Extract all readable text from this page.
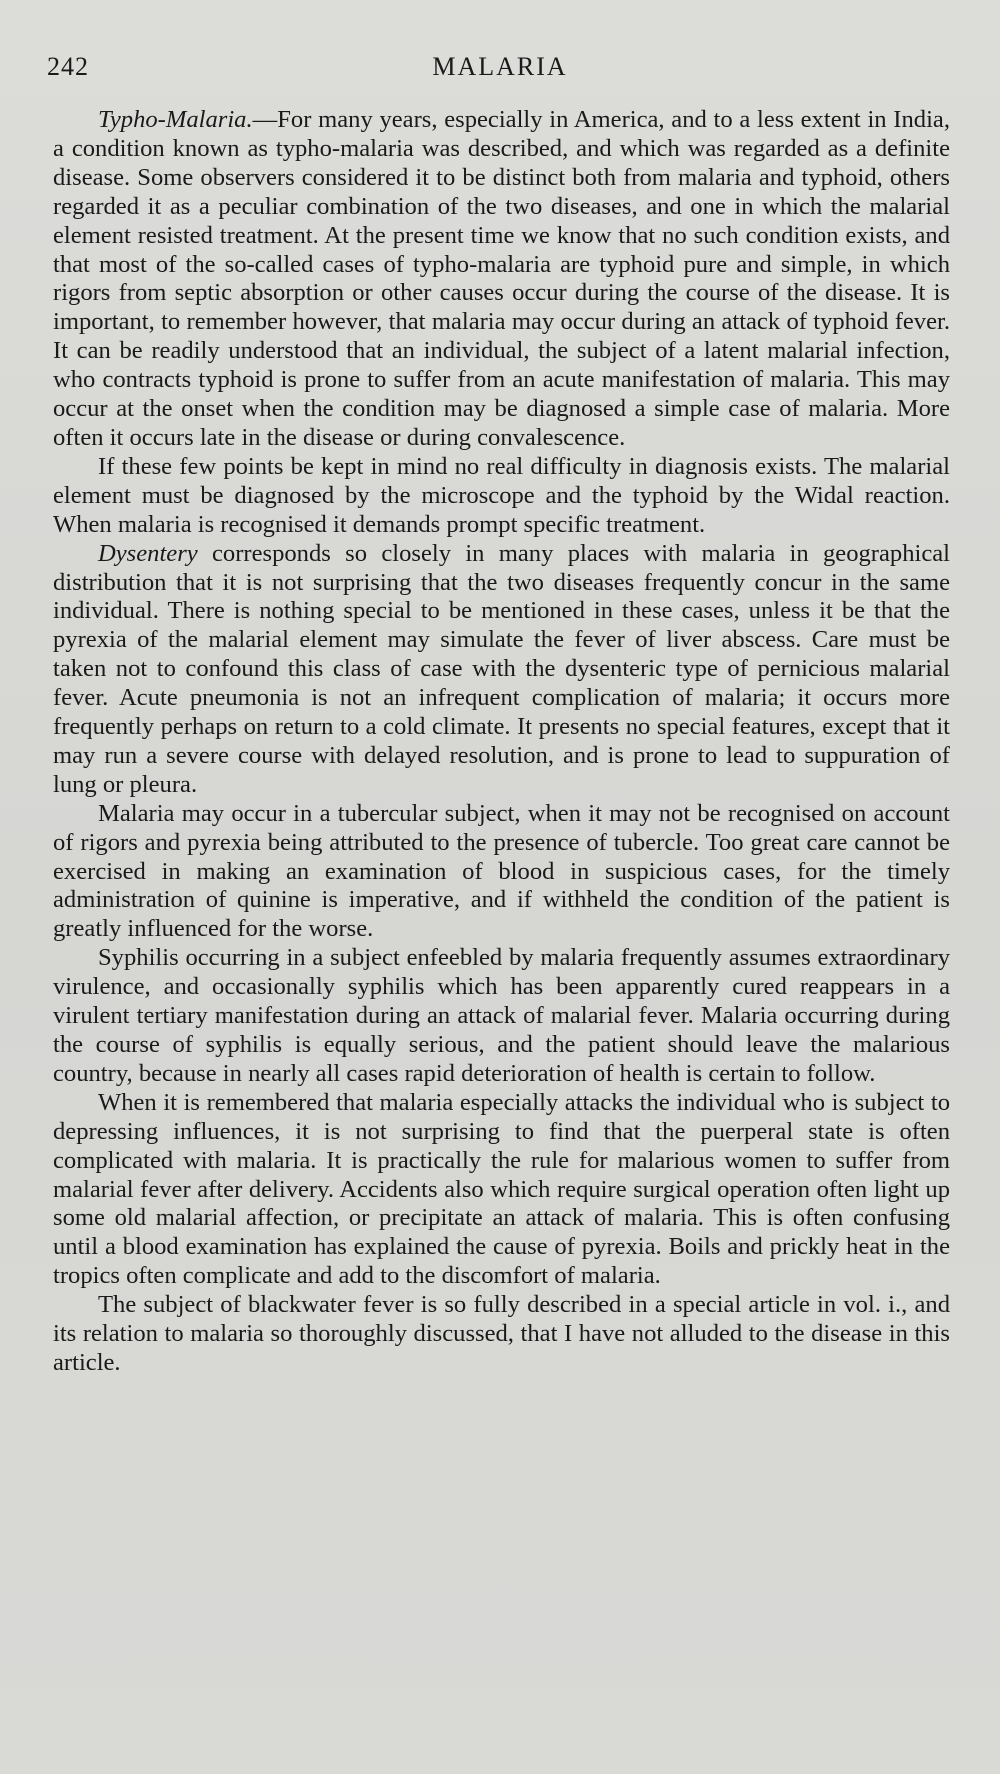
242	MALARIA

Typho-Malaria.—For many years, especially in America, and to a less extent in India, a condition known as typho-malaria was described, and which was regarded as a definite disease. Some observers considered it to be distinct both from malaria and typhoid, others regarded it as a peculiar combination of the two diseases, and one in which the malarial element resisted treatment. At the present time we know that no such condition exists, and that most of the so-called cases of typho-malaria are typhoid pure and simple, in which rigors from septic absorption or other causes occur during the course of the disease. It is important, to remember however, that malaria may occur during an attack of typhoid fever. It can be readily understood that an individual, the subject of a latent malarial infection, who contracts typhoid is prone to suffer from an acute manifestation of malaria. This may occur at the onset when the condition may be diagnosed a simple case of malaria. More often it occurs late in the disease or during convalescence.

If these few points be kept in mind no real difficulty in diagnosis exists. The malarial element must be diagnosed by the microscope and the typhoid by the Widal reaction. When malaria is recognised it demands prompt specific treatment.

Dysentery corresponds so closely in many places with malaria in geographical distribution that it is not surprising that the two diseases frequently concur in the same individual. There is nothing special to be mentioned in these cases, unless it be that the pyrexia of the malarial element may simulate the fever of liver abscess. Care must be taken not to confound this class of case with the dysenteric type of pernicious malarial fever. Acute pneumonia is not an infrequent complication of malaria; it occurs more frequently perhaps on return to a cold climate. It presents no special features, except that it may run a severe course with delayed resolution, and is prone to lead to suppuration of lung or pleura.

Malaria may occur in a tubercular subject, when it may not be recognised on account of rigors and pyrexia being attributed to the presence of tubercle. Too great care cannot be exercised in making an examination of blood in suspicious cases, for the timely administration of quinine is imperative, and if withheld the condition of the patient is greatly influenced for the worse.

Syphilis occurring in a subject enfeebled by malaria frequently assumes extraordinary virulence, and occasionally syphilis which has been apparently cured reappears in a virulent tertiary manifestation during an attack of malarial fever. Malaria occurring during the course of syphilis is equally serious, and the patient should leave the malarious country, because in nearly all cases rapid deterioration of health is certain to follow.

When it is remembered that malaria especially attacks the individual who is subject to depressing influences, it is not surprising to find that the puerperal state is often complicated with malaria. It is practically the rule for malarious women to suffer from malarial fever after delivery. Accidents also which require surgical operation often light up some old malarial affection, or precipitate an attack of malaria. This is often confusing until a blood examination has explained the cause of pyrexia. Boils and prickly heat in the tropics often complicate and add to the discomfort of malaria.

The subject of blackwater fever is so fully described in a special article in vol. i., and its relation to malaria so thoroughly discussed, that I have not alluded to the disease in this article.
